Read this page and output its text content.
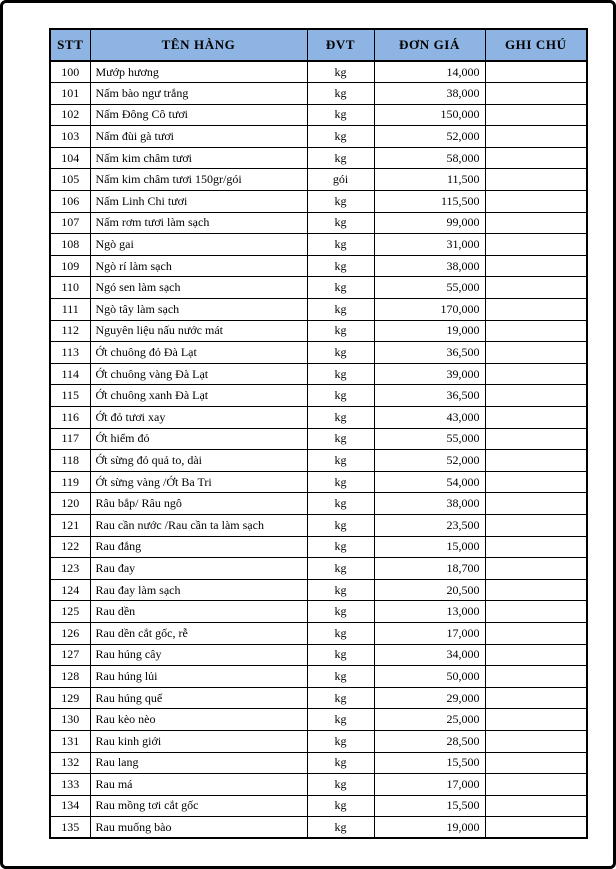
STT	TÊN HÀNG	ĐVT	ĐƠN GIÁ	GHI CHÚ
100	Mướp hương	kg	14,000	
101	Nấm bào ngư trắng	kg	38,000	
102	Nấm Đông Cô tươi	kg	150,000	
103	Nấm đùi gà tươi	kg	52,000	
104	Nấm kim châm tươi	kg	58,000	
105	Nấm kim châm tươi 150gr/gói	gói	11,500	
106	Nấm Linh Chi tươi	kg	115,500	
107	Nấm rơm tươi làm sạch	kg	99,000	
108	Ngò gai	kg	31,000	
109	Ngò rí làm sạch	kg	38,000	
110	Ngó sen làm sạch	kg	55,000	
111	Ngò tây làm sạch	kg	170,000	
112	Nguyên liệu nấu nước mát	kg	19,000	
113	Ớt chuông đỏ Đà Lạt	kg	36,500	
114	Ớt chuông vàng Đà Lạt	kg	39,000	
115	Ớt chuông xanh Đà Lạt	kg	36,500	
116	Ớt đỏ tươi xay	kg	43,000	
117	Ớt hiểm đỏ	kg	55,000	
118	Ớt sừng đỏ quả to, dài	kg	52,000	
119	Ớt sừng vàng /Ớt Ba Tri	kg	54,000	
120	Râu bắp/ Râu ngô	kg	38,000	
121	Rau cần nước /Rau cần ta làm sạch	kg	23,500	
122	Rau đắng	kg	15,000	
123	Rau đay	kg	18,700	
124	Rau đay làm sạch	kg	20,500	
125	Rau dền	kg	13,000	
126	Rau dền cắt gốc, rễ	kg	17,000	
127	Rau húng cây	kg	34,000	
128	Rau húng lủi	kg	50,000	
129	Rau húng quế	kg	29,000	
130	Rau kèo nèo	kg	25,000	
131	Rau kinh giới	kg	28,500	
132	Rau lang	kg	15,500	
133	Rau má	kg	17,000	
134	Rau mồng tơi cắt gốc	kg	15,500	
135	Rau muống bào	kg	19,000	
